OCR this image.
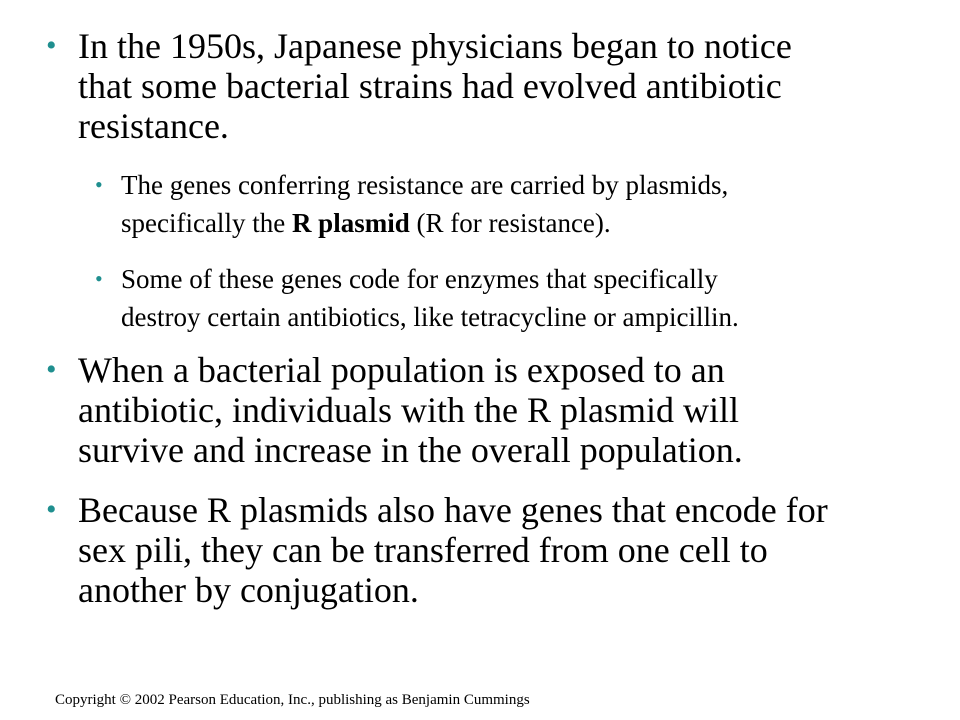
• In the 1950s, Japanese physicians began to notice
that some bacterial strains had evolved antibiotic
resistance.
• The genes conferring resistance are carried by plasmids,
specifically the R plasmid (R for resistance).
• Some of these genes code for enzymes that specifically
destroy certain antibiotics, like tetracycline or ampicillin.
• When a bacterial population is exposed to an
antibiotic, individuals with the R plasmid will
survive and increase in the overall population.
• Because R plasmids also have genes that encode for
sex pili, they can be transferred from one cell to
another by conjugation.
Copyright © 2002 Pearson Education, Inc., publishing as Benjamin Cummings
